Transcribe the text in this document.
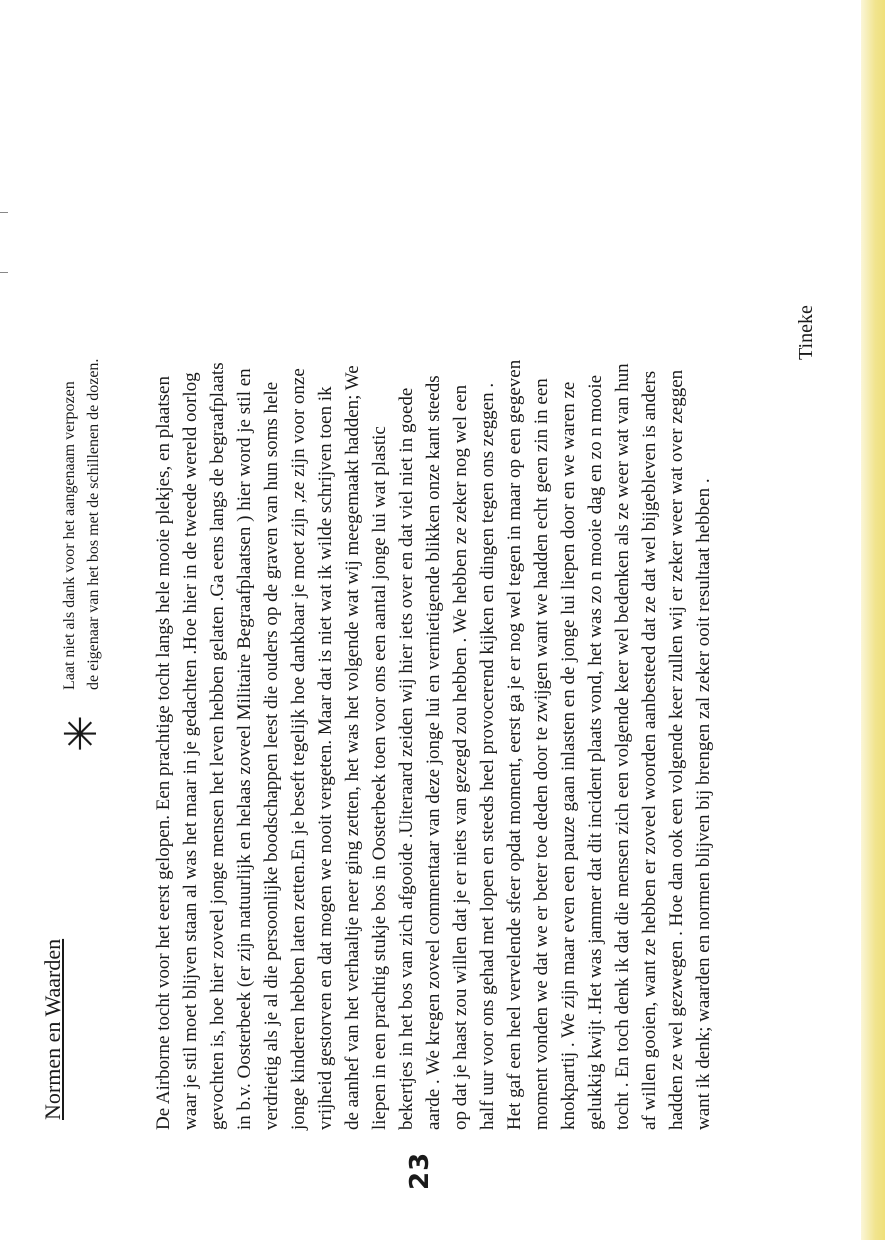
Normen en Waarden
✳
Laat niet als dank voor het aangenaam verpozen de eigenaar van het bos met de schillenen de dozen.	De Airborne tocht voor het eerst gelopen. Een prachtige tocht langs hele mooie plekjes, en plaatsen waar je stil moet blijven staan al was het maar in je gedachten .Hoe hier in de tweede wereld oorlog gevochten is, hoe hier zoveel jonge mensen het leven hebben gelaten .Ga eens langs de begraafplaats in b.v. Oosterbeek (er zijn natuurlijk en helaas zoveel Militaire Begraafplaatsen ) hier word je stil en verdrietig als je al die persoonlijke boodschappen leest die ouders op de graven van hun soms hele jonge kinderen hebben laten zetten.En je beseft tegelijk hoe dankbaar je moet zijn ,ze zijn voor onze vrijheid gestorven en dat mogen we nooit vergeten. Maar dat is niet wat ik wilde schrijven toen ik de aanhef van het verhaaltje neer ging zetten, het was het volgende wat wij meegemaakt hadden; We liepen in een prachtig stukje bos in Oosterbeek toen voor ons een aantal jonge lui wat plastic bekertjes in het bos van zich afgooide .Uiteraard zeiden wij hier iets over en dat viel niet in goede aarde . We kregen zoveel commentaar van deze jonge lui en vernietigende blikken onze kant steeds op dat je haast zou willen dat je er niets van gezegd zou hebben . We hebben ze zeker nog wel een half uur voor ons gehad met lopen en steeds heel provocerend kijken en dingen tegen ons zeggen . Het gaf een heel vervelende sfeer opdat moment, eerst ga je er nog wel tegen in maar op een gegeven moment vonden we dat we er beter toe deden door te zwijgen want we hadden echt geen zin in een knokpartij . We zijn maar even een pauze gaan inlasten en de jonge lui liepen door en we waren ze gelukkig kwijt .Het was jammer dat dit incident plaats vond, het was zo n mooie dag en zo n mooie tocht . En toch denk ik dat die mensen zich een volgende keer wel bedenken als ze weer wat van hun af willen gooien, want ze hebben er zoveel woorden aanbesteed dat ze dat wel bijgebleven is anders hadden ze wel gezwegen . Hoe dan ook een volgende keer zullen wij er zeker weer wat over zeggen want ik denk; waarden en normen blijven bij brengen zal zeker ooit resultaat hebben .
Tineke
23
